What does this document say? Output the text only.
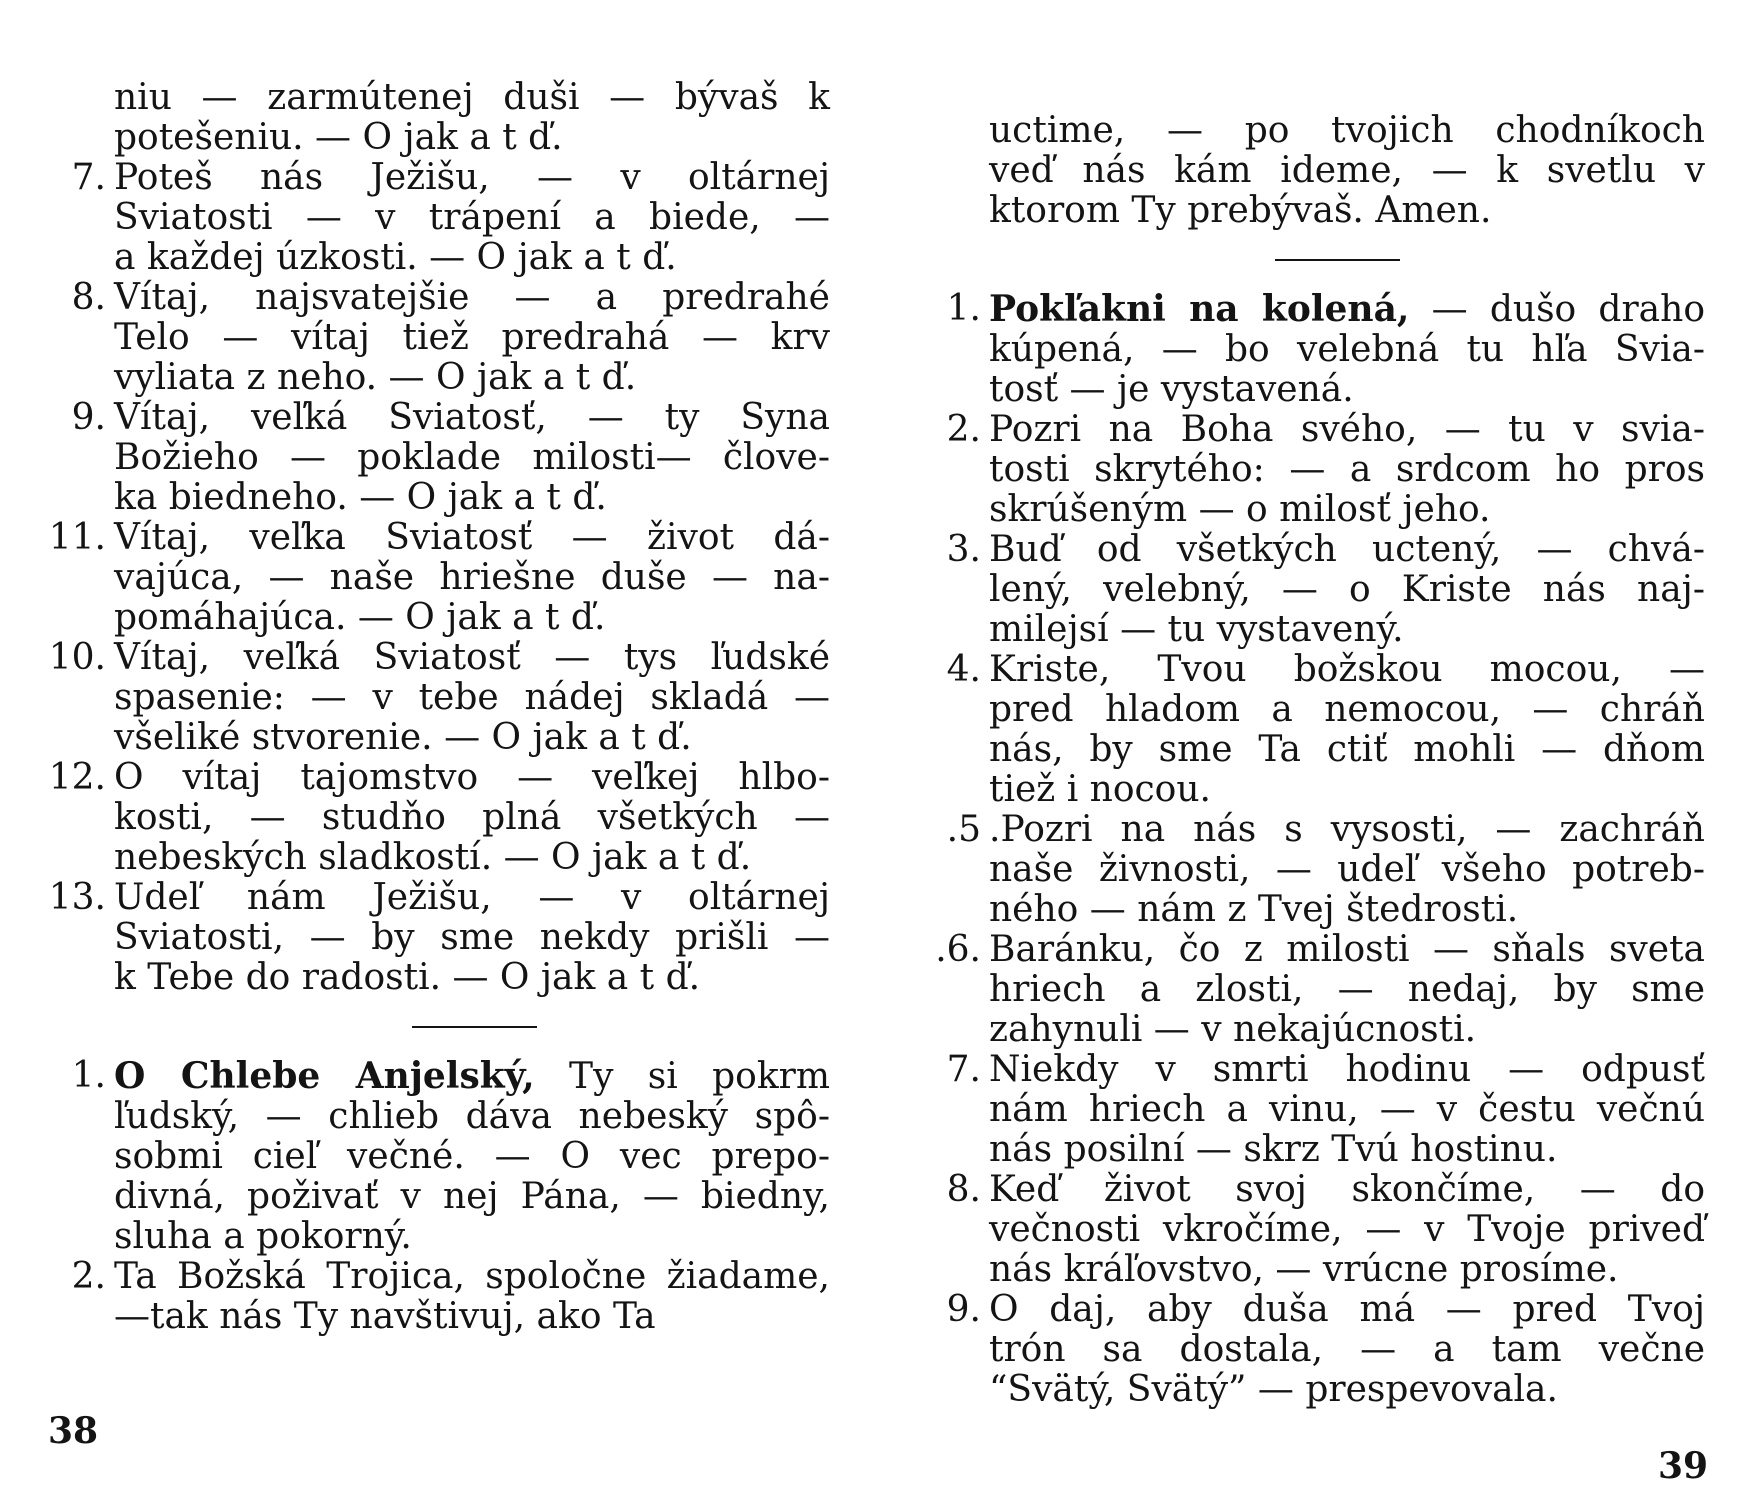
niu — zarmútenej duši — bývaš k
potešeniu. — O jak a t ď.
7. Poteš nás Ježišu, — v oltárnej
Sviatosti — v trápení a biede, —
a každej úzkosti. — O jak a t ď.
8. Vítaj, najsvatejšie — a predrahé
Telo — vítaj tiež predrahá — krv
vyliata z neho. — O jak a t ď.
9. Vítaj, veľká Sviatosť, — ty Syna
Božieho — poklade milosti— člove-
ka biedneho. — O jak a t ď.
11. Vítaj, veľka Sviatosť — život dá-
vajúca, — naše hriešne duše — na-
pomáhajúca. — O jak a t ď.
10. Vítaj, veľká Sviatosť — tys ľudské
spasenie: — v tebe nádej skladá —
všeliké stvorenie. — O jak a t ď.
12. O vítaj tajomstvo — veľkej hlbo-
kosti, — studňo plná všetkých —
nebeských sladkostí. — O jak a t ď.
13. Udeľ nám Ježišu, — v oltárnej
Sviatosti, — by sme nekdy prišli —
k Tebe do radosti. — O jak a t ď.
1. O Chlebe Anjelský, Ty si pokrm
ľudský, — chlieb dáva nebeský spô-
sobmi cieľ večné. — O vec prepo-
divná, poživať v nej Pána, — biedny,
sluha a pokorný.
2. Ta Božská Trojica, spoločne žiadame,
—tak nás Ty navštivuj, ako Ta
38
uctime, — po tvojich chodníkoch
veď nás kám ideme, — k svetlu v
ktorom Ty prebývaš. Amen.
1. Pokľakni na kolená, — dušo draho
kúpená, — bo velebná tu hľa Svia-
tosť — je vystavená.
2. Pozri na Boha svého, — tu v svia-
tosti skrytého: — a srdcom ho pros
skrúšeným — o milosť jeho.
3. Buď od všetkých uctený, — chvá-
lený, velebný, — o Kriste nás naj-
milejsí — tu vystavený.
4. Kriste, Tvou božskou mocou, —
pred hladom a nemocou, — chráň
nás, by sme Ta ctiť mohli — dňom
tiež i nocou.
.5 .Pozri na nás s vysosti, — zachráň
naše živnosti, — udeľ všeho potreb-
ného — nám z Tvej štedrosti.
.6. Baránku, čo z milosti — sňals sveta
hriech a zlosti, — nedaj, by sme
zahynuli — v nekajúcnosti.
7. Niekdy v smrti hodinu — odpusť
nám hriech a vinu, — v čestu večnú
nás posilní — skrz Tvú hostinu.
8. Keď život svoj skončíme, — do
večnosti vkročíme, — v Tvoje priveď
nás kráľovstvo, — vrúcne prosíme.
9. O daj, aby duša má — pred Tvoj
trón sa dostala, — a tam večne
“Svätý, Svätý” — prespevovala.
39
